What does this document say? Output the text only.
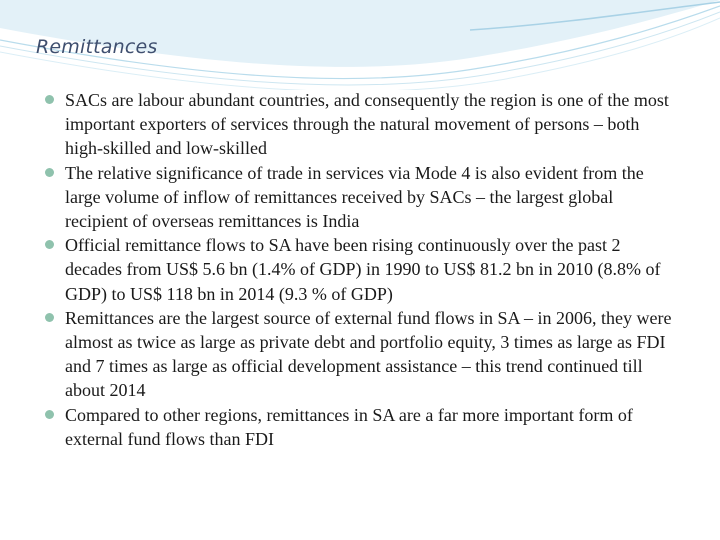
Remittances
SACs are labour abundant countries, and consequently the region is one of the most important exporters of services through the natural movement of persons – both high-skilled and low-skilled
The relative significance of trade in services via Mode 4 is also evident from the large volume of inflow of remittances received by SACs – the largest global recipient of overseas remittances is India
Official remittance flows to SA have been rising continuously over the past 2 decades from US$ 5.6 bn (1.4% of GDP) in 1990 to US$ 81.2 bn in 2010 (8.8% of GDP) to US$ 118 bn in 2014 (9.3 % of GDP)
Remittances are the largest source of external fund flows in SA – in 2006, they were almost as twice as large as private debt and portfolio equity, 3 times as large as FDI and 7 times as large as official development assistance – this trend continued till about 2014
Compared to other regions, remittances in SA are a far more important form of external fund flows than FDI
